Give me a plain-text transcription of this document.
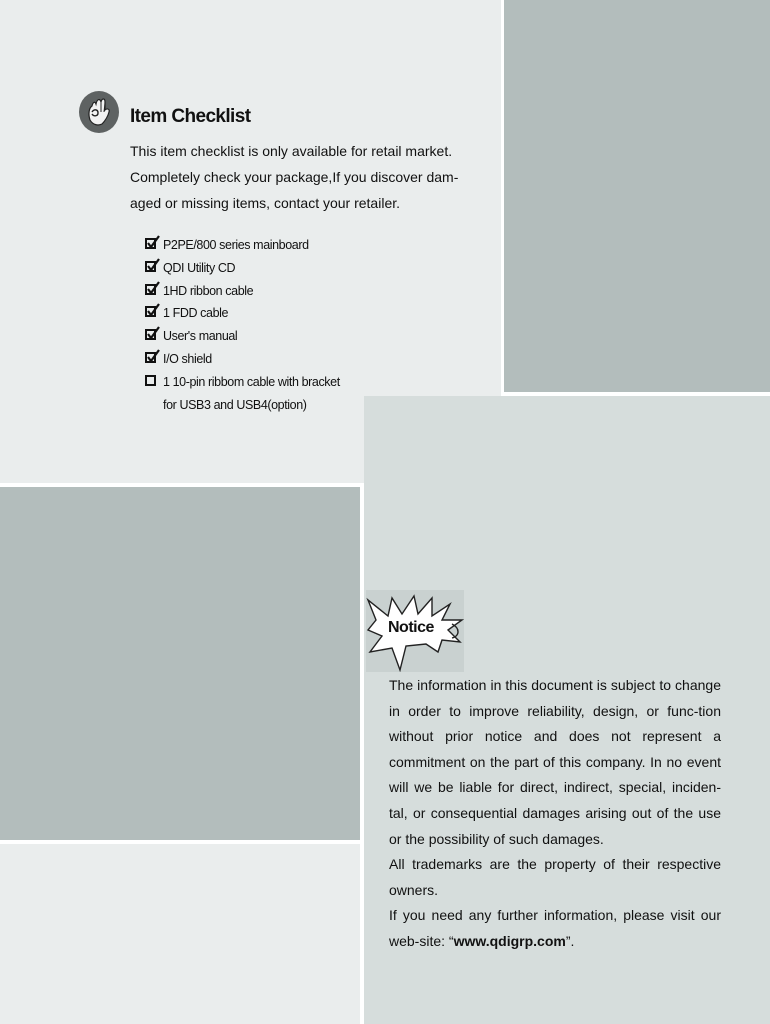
Item Checklist

This item checklist is only available for retail market. Completely check your package,If you discover dam-aged or missing items, contact your retailer.

P2PE/800 series mainboard
QDI Utility CD
1HD ribbon cable
1 FDD cable
User's manual
I/O shield
1 10-pin ribbom cable with bracket
for USB3 and USB4(option)
Notice

The information in this document is subject to change in order to improve reliability, design, or func-tion without prior notice and does not represent a commitment on the part of this company. In no event will we be liable for direct, indirect, special, inciden-tal, or consequential damages arising out of the use or the possibility of such damages.

All trademarks are the property of their respective owners.

If you need any further information, please visit our web-site: “www.qdigrp.com”.
